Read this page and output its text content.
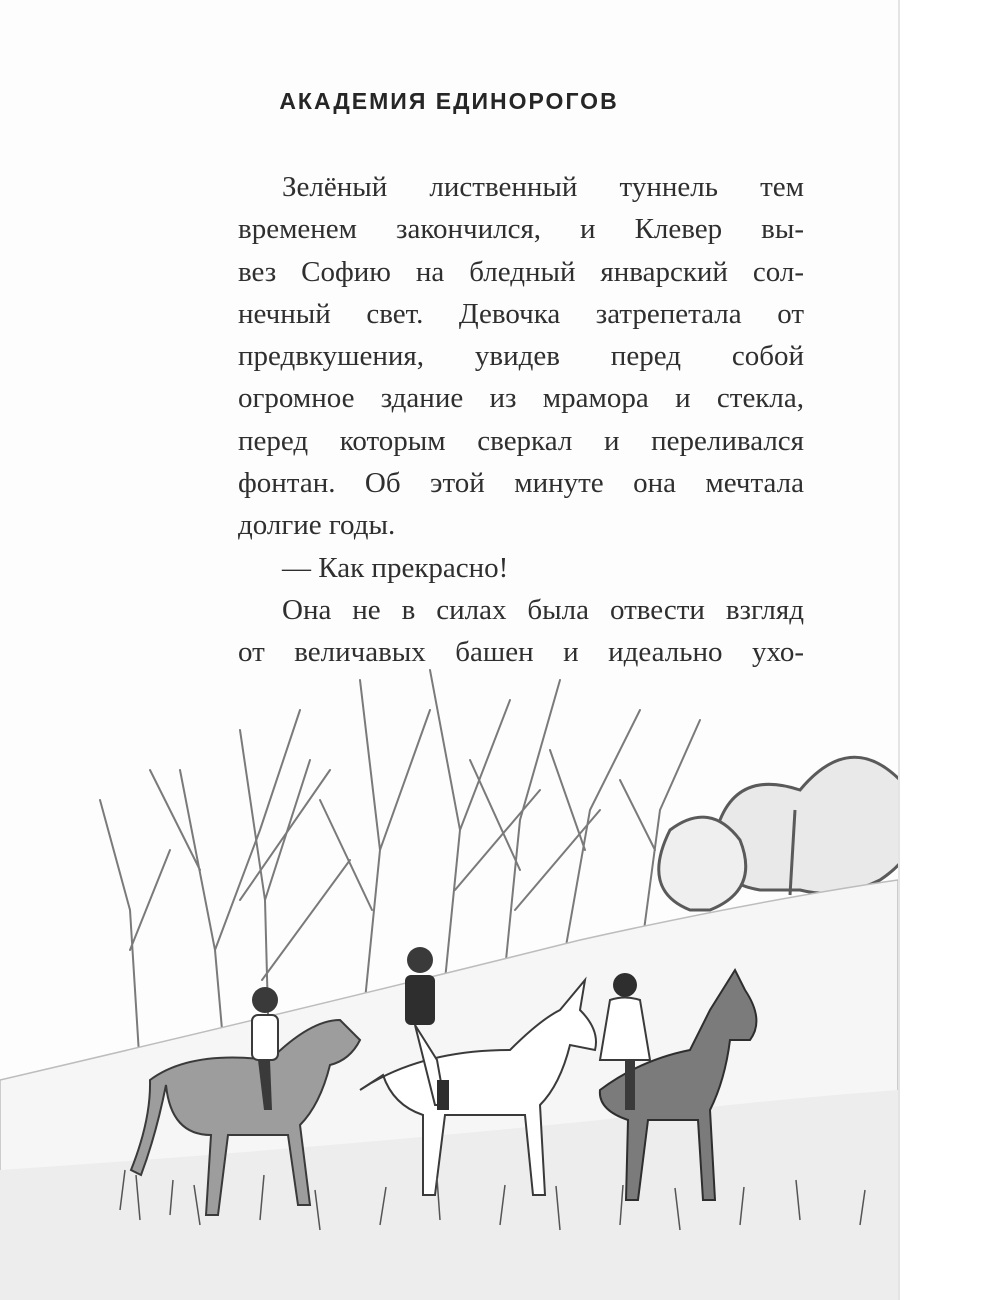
АКАДЕМИЯ ЕДИНОРОГОВ
Зелёный лиственный туннель тем
временем закончился, и Клевер вы-
вез Софию на бледный январский сол-
нечный свет. Девочка затрепетала от
предвкушения, увидев перед собой
огромное здание из мрамора и стекла,
перед которым сверкал и переливался
фонтан. Об этой минуте она мечтала
долгие годы.
— Как прекрасно!
Она не в силах была отвести взгляд
от величавых башен и идеально ухо-
